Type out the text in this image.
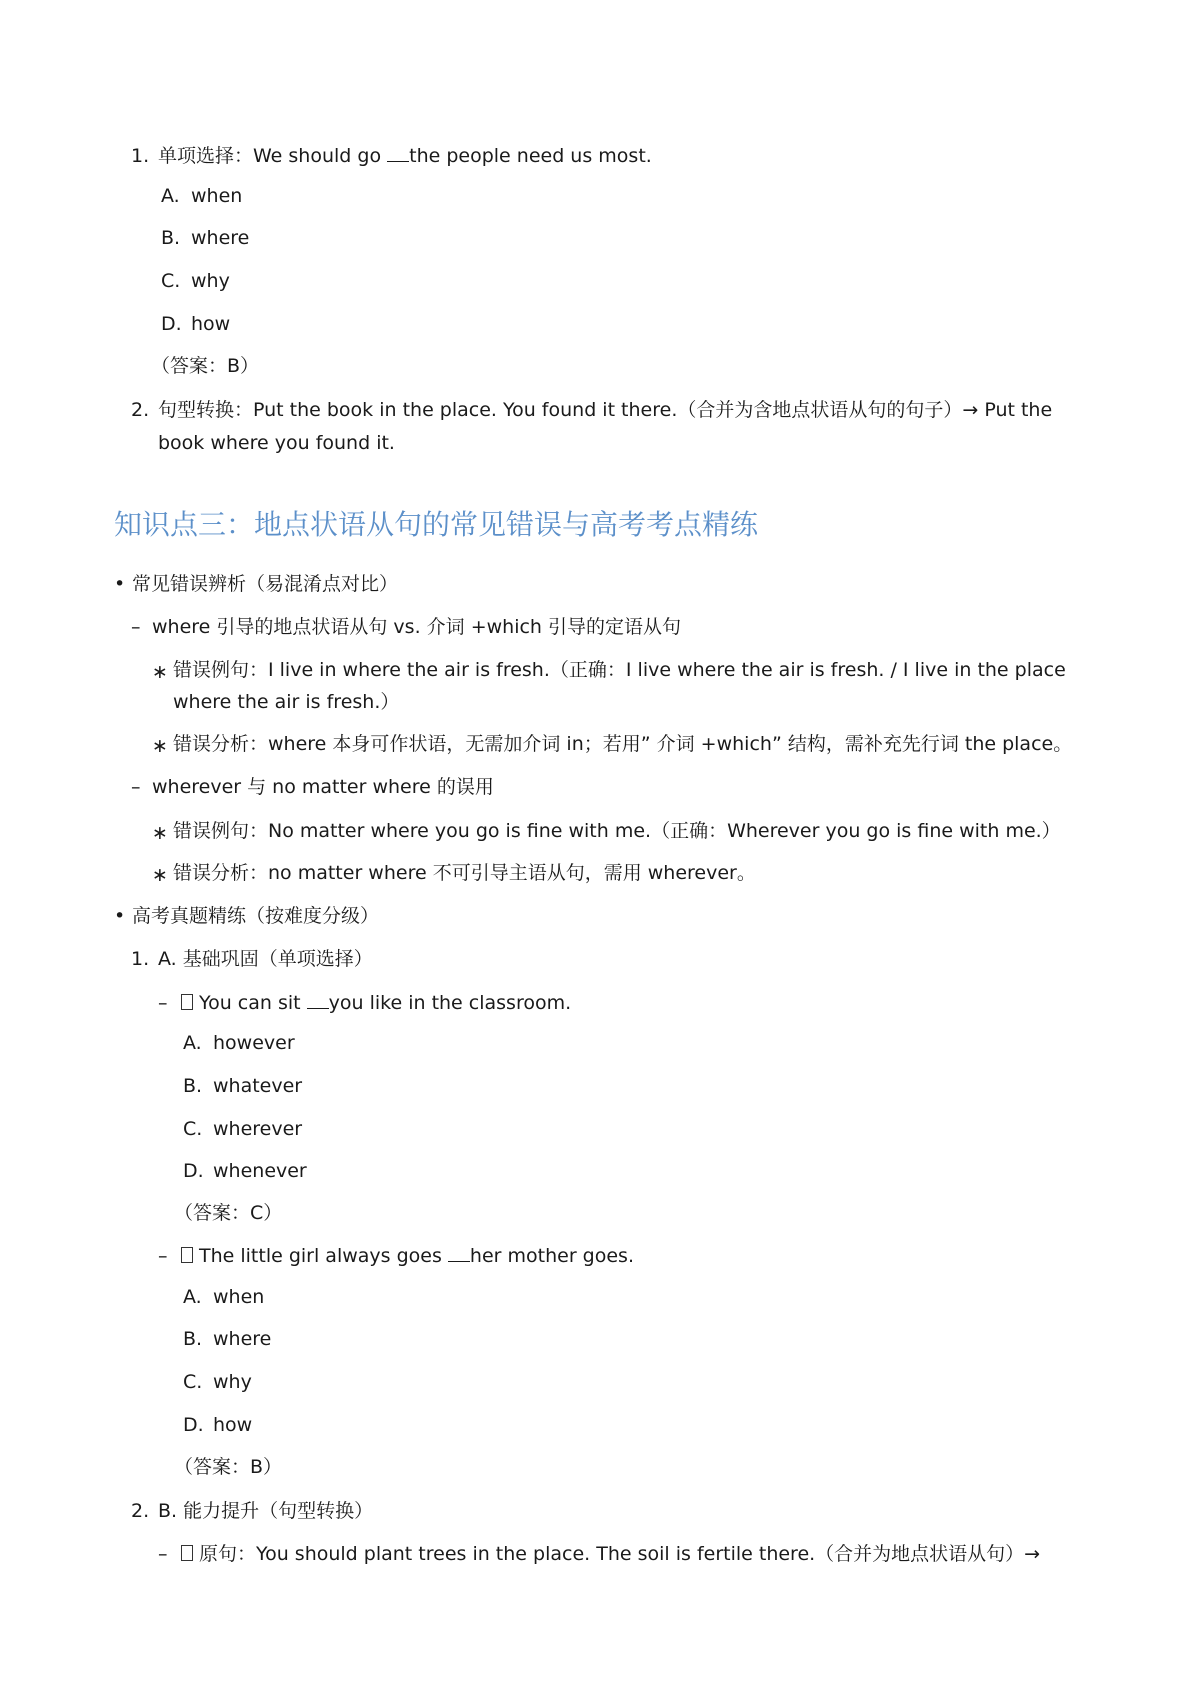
1. 单项选择：We should go the people need us most.
A. when
B. where
C. why
D. how
（答案：B）
2. 句型转换：Put the book in the place. You found it there.（合并为含地点状语从句的句子）→ Put the
book where you found it.
知识点三：地点状语从句的常见错误与高考考点精练
• 常见错误辨析（易混淆点对比）
– where 引导的地点状语从句 vs. 介词 +which 引导的定语从句
∗ 错误例句：I live in where the air is fresh.（正确：I live where the air is fresh. / I live in the place
where the air is fresh.）
∗ 错误分析：where 本身可作状语，无需加介词 in；若用” 介词 +which” 结构，需补充先行词 the place。
– wherever 与 no matter where 的误用
∗ 错误例句：No matter where you go is fine with me.（正确：Wherever you go is fine with me.）
∗ 错误分析：no matter where 不可引导主语从句，需用 wherever。
• 高考真题精练（按难度分级）
1. A. 基础巩固（单项选择）
–	You can sit you like in the classroom.
A. however
B. whatever
C. wherever
D. whenever
（答案：C）
–	The little girl always goes her mother goes.
A. when
B. where
C. why
D. how
（答案：B）
2. B. 能力提升（句型转换）
–	原句：You should plant trees in the place. The soil is fertile there.（合并为地点状语从句）→
